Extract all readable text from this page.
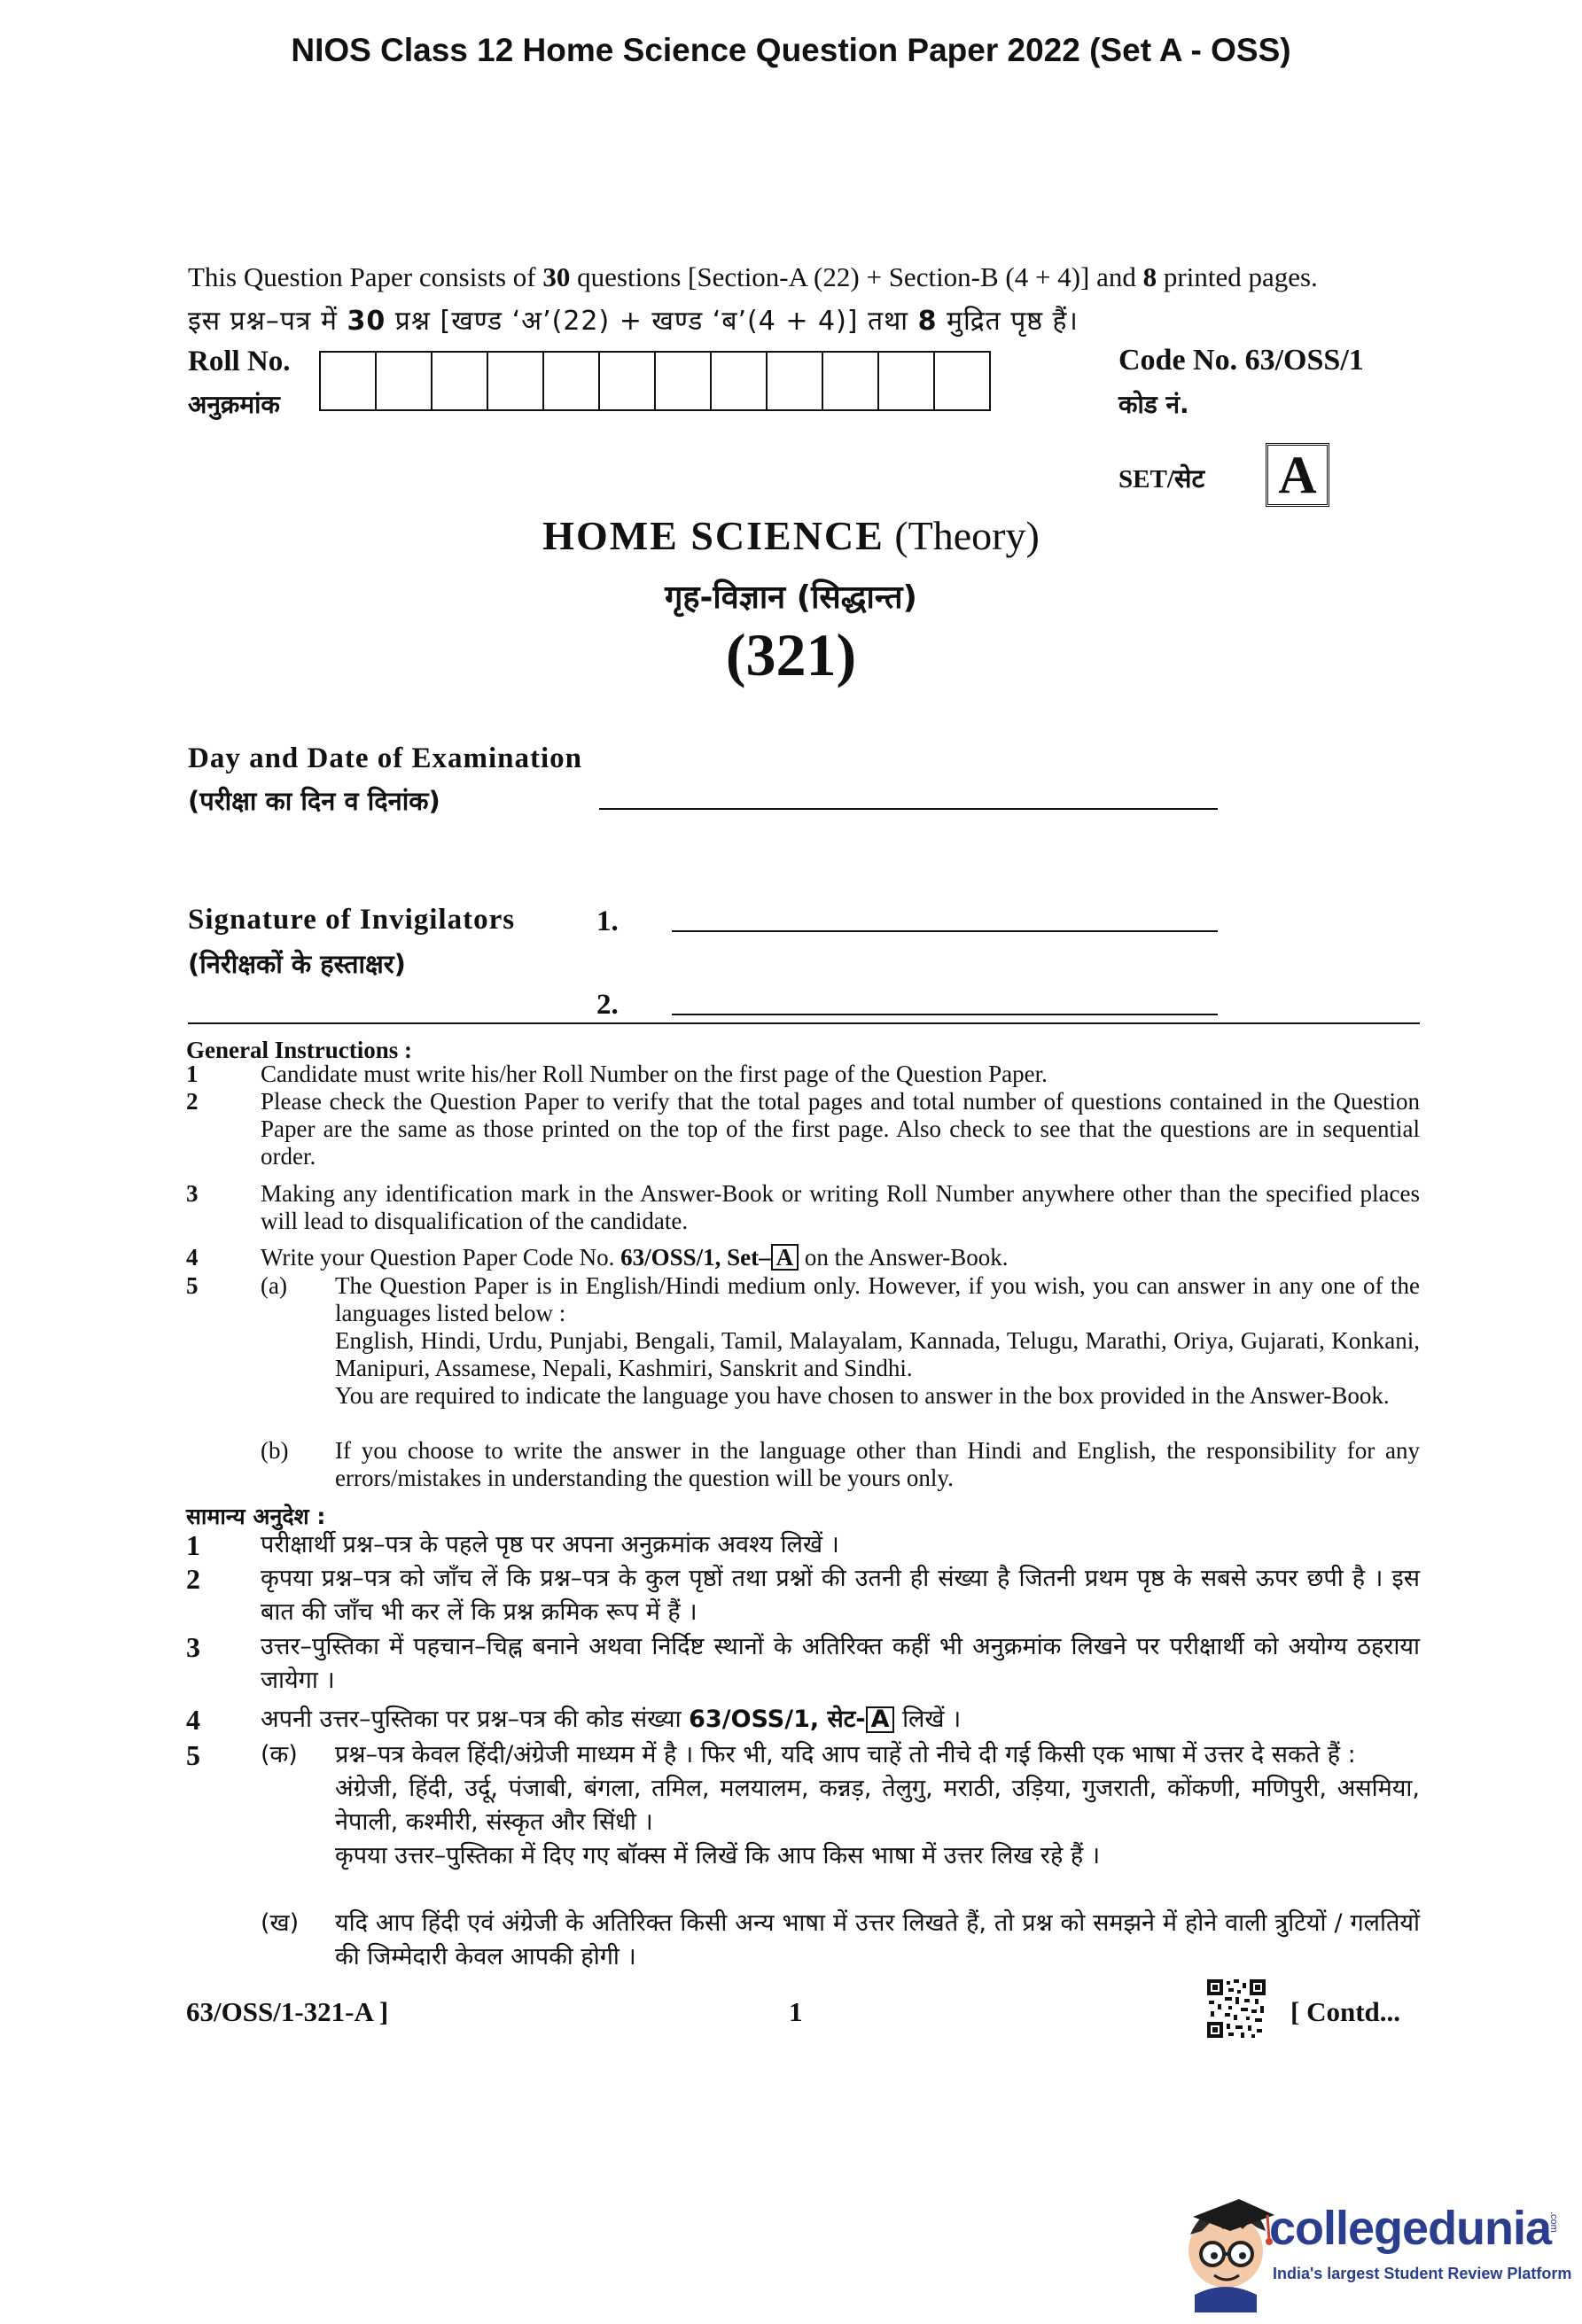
NIOS Class 12 Home Science Question Paper 2022 (Set A - OSS)
This Question Paper consists of 30 questions [Section-A (22) + Section-B (4 + 4)] and 8 printed pages.
इस प्रश्न–पत्र में 30 प्रश्न [खण्ड ‘अ’(22) + खण्ड ‘ब’(4 + 4)] तथा 8 मुद्रित पृष्ठ हैं।
Roll No.
अनुक्रमांक
Code No. 63/OSS/1
कोड नं.
SET/सेट A
HOME SCIENCE (Theory)
गृह-विज्ञान (सिद्धान्त)
(321)
Day and Date of Examination
(परीक्षा का दिन व दिनांक)
Signature of Invigilators
(निरीक्षकों के हस्ताक्षर)
1.
2.
General Instructions :
1	Candidate must write his/her Roll Number on the first page of the Question Paper.
2	Please check the Question Paper to verify that the total pages and total number of questions contained in the Question Paper are the same as those printed on the top of the first page. Also check to see that the questions are in sequential order.
3	Making any identification mark in the Answer-Book or writing Roll Number anywhere other than the specified places will lead to disqualification of the candidate.
4	Write your Question Paper Code No. 63/OSS/1, Set– A on the Answer-Book.
5	(a) The Question Paper is in English/Hindi medium only. However, if you wish, you can answer in any one of the languages listed below :
English, Hindi, Urdu, Punjabi, Bengali, Tamil, Malayalam, Kannada, Telugu, Marathi, Oriya, Gujarati, Konkani, Manipuri, Assamese, Nepali, Kashmiri, Sanskrit and Sindhi.
You are required to indicate the language you have chosen to answer in the box provided in the Answer-Book.
(b) If you choose to write the answer in the language other than Hindi and English, the responsibility for any errors/mistakes in understanding the question will be yours only.
सामान्य अनुदेश :
1	परीक्षार्थी प्रश्न–पत्र के पहले पृष्ठ पर अपना अनुक्रमांक अवश्य लिखें ।
2	कृपया प्रश्न–पत्र को जाँच लें कि प्रश्न–पत्र के कुल पृष्ठों तथा प्रश्नों की उतनी ही संख्या है जितनी प्रथम पृष्ठ के सबसे ऊपर छपी है । इस बात की जाँच भी कर लें कि प्रश्न क्रमिक रूप में हैं ।
3	उत्तर–पुस्तिका में पहचान–चिह्न बनाने अथवा निर्दिष्ट स्थानों के अतिरिक्त कहीं भी अनुक्रमांक लिखने पर परीक्षार्थी को अयोग्य ठहराया जायेगा ।
4	अपनी उत्तर–पुस्तिका पर प्रश्न–पत्र की कोड संख्या 63/OSS/1, सेट- A लिखें ।
5	(क) प्रश्न–पत्र केवल हिंदी/अंग्रेजी माध्यम में है । फिर भी, यदि आप चाहें तो नीचे दी गई किसी एक भाषा में उत्तर दे सकते हैं :
अंग्रेजी, हिंदी, उर्दू, पंजाबी, बंगला, तमिल, मलयालम, कन्नड़, तेलुगु, मराठी, उड़िया, गुजराती, कोंकणी, मणिपुरी, असमिया, नेपाली, कश्मीरी, संस्कृत और सिंधी ।
कृपया उत्तर–पुस्तिका में दिए गए बॉक्स में लिखें कि आप किस भाषा में उत्तर लिख रहे हैं ।
(ख) यदि आप हिंदी एवं अंग्रेजी के अतिरिक्त किसी अन्य भाषा में उत्तर लिखते हैं, तो प्रश्न को समझने में होने वाली त्रुटियों / गलतियों की जिम्मेदारी केवल आपकी होगी ।
63/OSS/1-321-A ]	1	[ Contd...
collegedunia
.com
India's largest Student Review Platform
